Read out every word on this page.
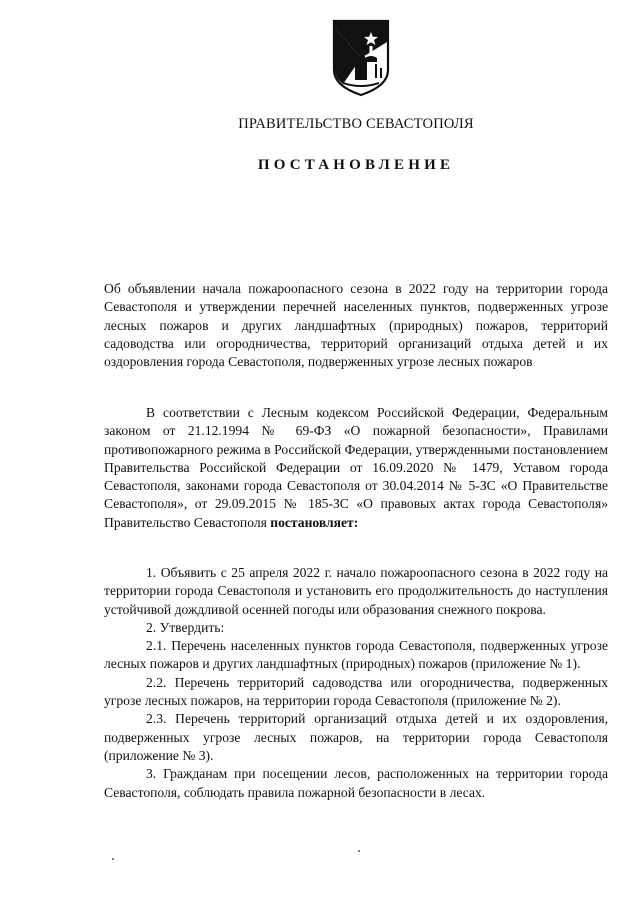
ПРАВИТЕЛЬСТВО СЕВАСТОПОЛЯ
ПОСТАНОВЛЕНИЕ
Об объявлении начала пожароопасного сезона в 2022 году на территории города Севастополя и утверждении перечней населенных пунктов, подверженных угрозе лесных пожаров и других ландшафтных (природных) пожаров, территорий садоводства или огородничества, территорий организаций отдыха детей и их оздоровления города Севастополя, подверженных угрозе лесных пожаров

В соответствии с Лесным кодексом Российской Федерации, Федеральным законом от 21.12.1994 № 69-ФЗ «О пожарной безопасности», Правилами противопожарного режима в Российской Федерации, утвержденными постановлением Правительства Российской Федерации от 16.09.2020 № 1479, Уставом города Севастополя, законами города Севастополя от 30.04.2014 № 5-ЗС «О Правительстве Севастополя», от 29.09.2015 № 185-ЗС «О правовых актах города Севастополя» Правительство Севастополя постановляет:

1. Объявить с 25 апреля 2022 г. начало пожароопасного сезона в 2022 году на территории города Севастополя и установить его продолжительность до наступления устойчивой дождливой осенней погоды или образования снежного покрова.

2. Утвердить:

2.1. Перечень населенных пунктов города Севастополя, подверженных угрозе лесных пожаров и других ландшафтных (природных) пожаров (приложение № 1).

2.2. Перечень территорий садоводства или огородничества, подверженных угрозе лесных пожаров, на территории города Севастополя (приложение № 2).

2.3. Перечень территорий организаций отдыха детей и их оздоровления, подверженных угрозе лесных пожаров, на территории города Севастополя (приложение № 3).

3. Гражданам при посещении лесов, расположенных на территории города Севастополя, соблюдать правила пожарной безопасности в лесах.
